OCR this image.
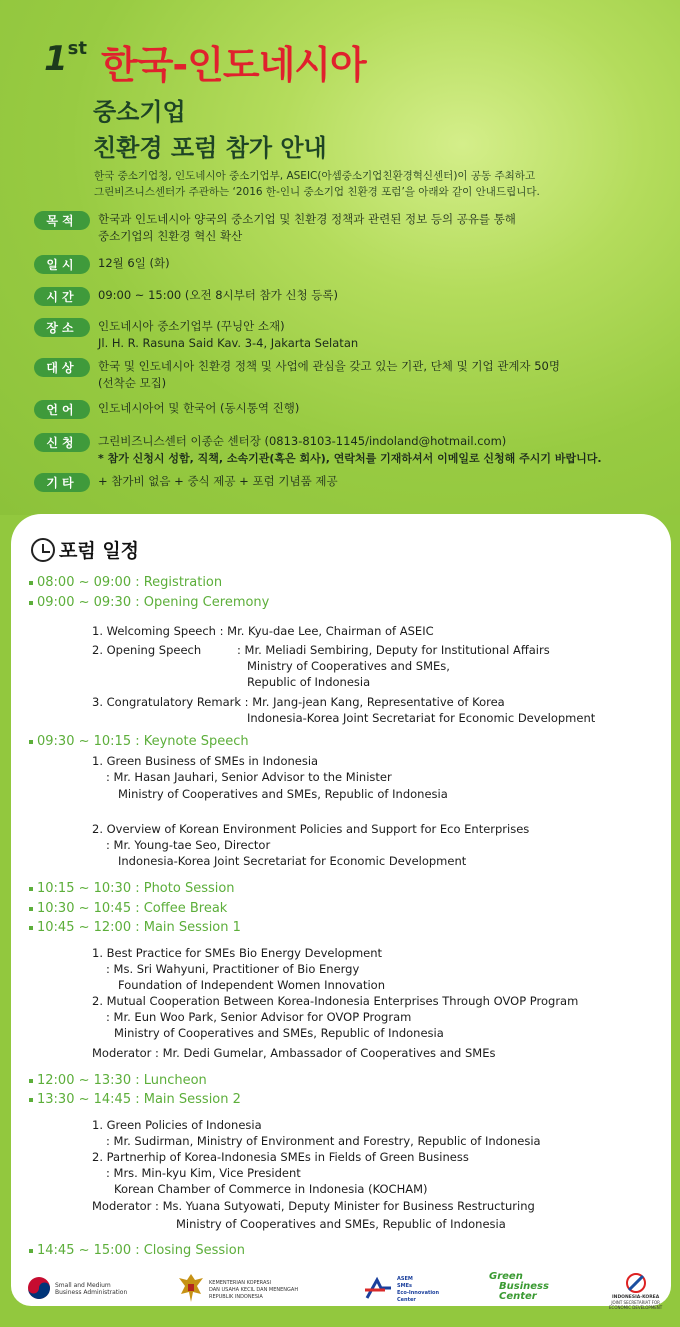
1st 한국-인도네시아
중소기업
친환경 포럼 참가 안내
한국 중소기업청, 인도네시아 중소기업부, ASEIC(아셈중소기업친환경혁신센터)이 공동 주최하고
그린비즈니스센터가 주관하는 ‘2016 한-인니 중소기업 친환경 포럼’을 아래와 같이 안내드립니다.
목적	한국과 인도네시아 양국의 중소기업 및 친환경 정책과 관련된 정보 등의 공유를 통해
중소기업의 친환경 혁신 확산
일시	12월 6일 (화)
시간	09:00 ~ 15:00 (오전 8시부터 참가 신청 등록)
장소	인도네시아 중소기업부 (꾸닝안 소재)
Jl. H. R. Rasuna Said Kav. 3-4, Jakarta Selatan
대상	한국 및 인도네시아 친환경 정책 및 사업에 관심을 갖고 있는 기관, 단체 및 기업 관계자 50명
(선착순 모집)
언어	인도네시아어 및 한국어 (동시통역 진행)
신청	그린비즈니스센터 이종순 센터장 (0813-8103-1145/indoland@hotmail.com)
* 참가 신청시 성함, 직책, 소속기관(혹은 회사), 연락처를 기재하셔서 이메일로 신청해 주시기 바랍니다.
기타	+ 참가비 없음 + 중식 제공 + 포럼 기념품 제공
포럼 일정
08:00 ~ 09:00 : Registration
09:00 ~ 09:30 : Opening Ceremony
1. Welcoming Speech : Mr. Kyu-dae Lee, Chairman of ASEIC
2. Opening Speech	: Mr. Meliadi Sembiring, Deputy for Institutional Affairs
Ministry of Cooperatives and SMEs,
Republic of Indonesia
3. Congratulatory Remark : Mr. Jang-jean Kang, Representative of Korea
Indonesia-Korea Joint Secretariat for Economic Development
09:30 ~ 10:15 : Keynote Speech
1. Green Business of SMEs in Indonesia
: Mr. Hasan Jauhari, Senior Advisor to the Minister
Ministry of Cooperatives and SMEs, Republic of Indonesia
2. Overview of Korean Environment Policies and Support for Eco Enterprises
: Mr. Young-tae Seo, Director
Indonesia-Korea Joint Secretariat for Economic Development
10:15 ~ 10:30 : Photo Session
10:30 ~ 10:45 : Coffee Break
10:45 ~ 12:00 : Main Session 1
1. Best Practice for SMEs Bio Energy Development
: Ms. Sri Wahyuni, Practitioner of Bio Energy
Foundation of Independent Women Innovation
2. Mutual Cooperation Between Korea-Indonesia Enterprises Through OVOP Program
: Mr. Eun Woo Park, Senior Advisor for OVOP Program
Ministry of Cooperatives and SMEs, Republic of Indonesia
Moderator : Mr. Dedi Gumelar, Ambassador of Cooperatives and SMEs
12:00 ~ 13:30 : Luncheon
13:30 ~ 14:45 : Main Session 2
1. Green Policies of Indonesia
: Mr. Sudirman, Ministry of Environment and Forestry, Republic of Indonesia
2. Partnerhip of Korea-Indonesia SMEs in Fields of Green Business
: Mrs. Min-kyu Kim, Vice President
Korean Chamber of Commerce in Indonesia (KOCHAM)
Moderator : Ms. Yuana Sutyowati, Deputy Minister for Business Restructuring
Ministry of Cooperatives and SMEs, Republic of Indonesia
14:45 ~ 15:00 : Closing Session
Small and Medium
Business Administration
KEMENTERIAN KOPERASI
DAN USAHA KECIL DAN MENENGAH
REPUBLIK INDONESIA
ASEM
SMEs
Eco-Innovation
Center
Green
Business
Center	INDONESIA-KOREA
JOINT SECRETARIAT FOR
ECONOMIC DEVELOPMENT
